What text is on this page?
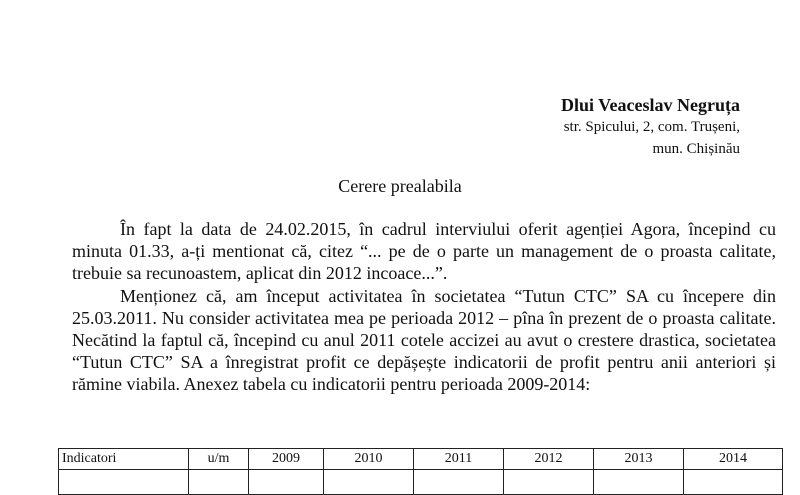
Dlui Veaceslav Negruța
str. Spicului, 2, com. Trușeni,
mun. Chișinău
Cerere prealabila

În fapt la data de 24.02.2015, în cadrul interviului oferit agenției Agora, începind cu minuta 01.33, a-ți mentionat că, citez “... pe de o parte un management de o proasta calitate, trebuie sa recunoastem, aplicat din 2012 incoace...”.

Menționez că, am început activitatea în societatea “Tutun CTC” SA cu începere din 25.03.2011. Nu consider activitatea mea pe perioada 2012 – pîna în prezent de o proasta calitate. Necătind la faptul că, începind cu anul 2011 cotele accizei au avut o crestere drastica, societatea “Tutun CTC” SA a înregistrat profit ce depășește indicatorii de profit pentru anii anteriori și rămine viabila. Anexez tabela cu indicatorii pentru perioada 2009-2014:

Indicatori	u/m	2009	2010	2011	2012	2013	2014
